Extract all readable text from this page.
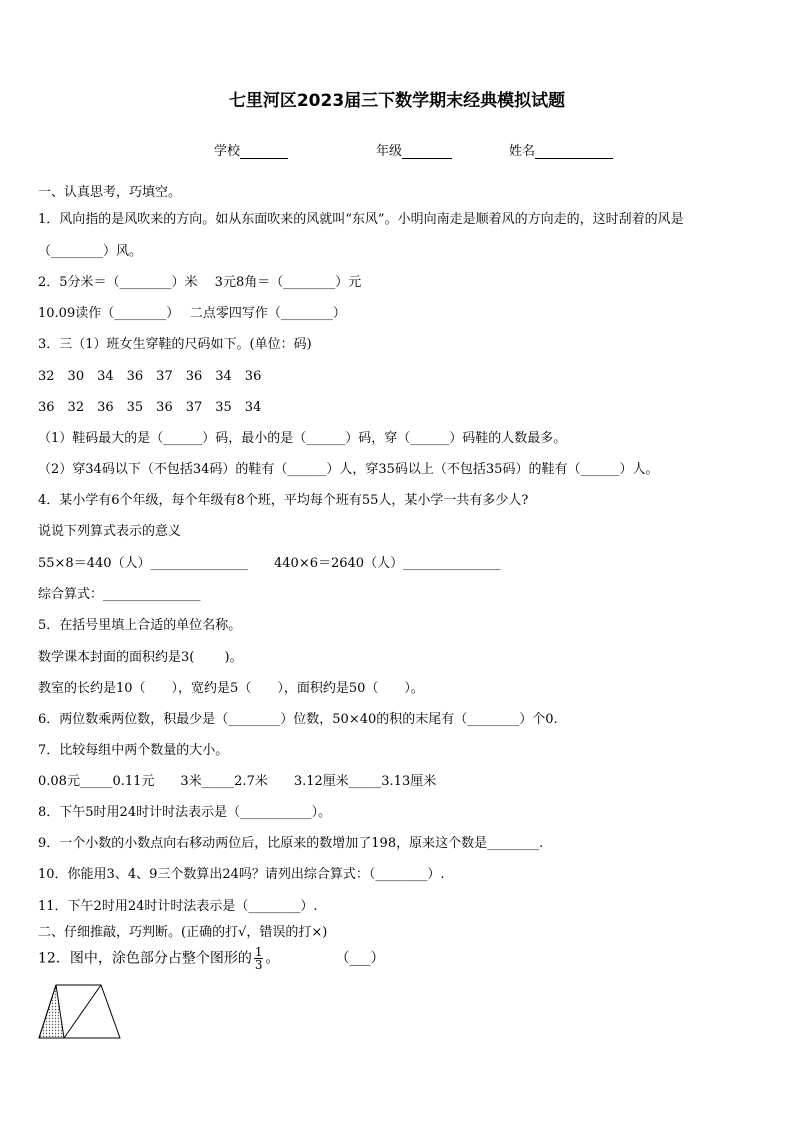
七里河区2023届三下数学期末经典模拟试题
学校	年级	姓名
一、认真思考，巧填空。
1．风向指的是风吹来的方向。如从东面吹来的风就叫“东风”。小明向南走是顺着风的方向走的，这时刮着的风是
（________）风。
2．5分米＝（________）米　 3元8角＝（________）元
10.09读作（________）　 二点零四写作（________）
3．三（1）班女生穿鞋的尺码如下。(单位：码)
32　30　34　36　37　36　34　36
36　32　36　35　36　37　35　34
（1）鞋码最大的是（______）码，最小的是（______）码，穿（______）码鞋的人数最多。
（2）穿34码以下（不包括34码）的鞋有（______）人，穿35码以上（不包括35码）的鞋有（______）人。
4．某小学有6个年级，每个年级有8个班，平均每个班有55人，某小学一共有多少人?
说说下列算式表示的意义
55×8＝440（人）_______________　　440×6＝2640（人）_______________
综合算式：_______________
5．在括号里填上合适的单位名称。
数学课本封面的面积约是3(　　 )。
教室的长约是10（　　），宽约是5（　　），面积约是50（　　）。
6．两位数乘两位数，积最少是（________）位数，50×40的积的末尾有（________）个0.
7．比较每组中两个数量的大小。
0.08元_____0.11元　　3米_____2.7米　　3.12厘米_____3.13厘米
8．下午5时用24时计时法表示是（___________）。
9．一个小数的小数点向右移动两位后，比原来的数增加了198，原来这个数是________.
10．你能用3、4、9三个数算出24吗？请列出综合算式：（________）.
11．下午2时用24时计时法表示是（________）.
二、仔细推敲，巧判断。(正确的打√，错误的打×)
12．图中，涂色部分占整个图形的 $\frac{1}{3}$ 。	（___）
